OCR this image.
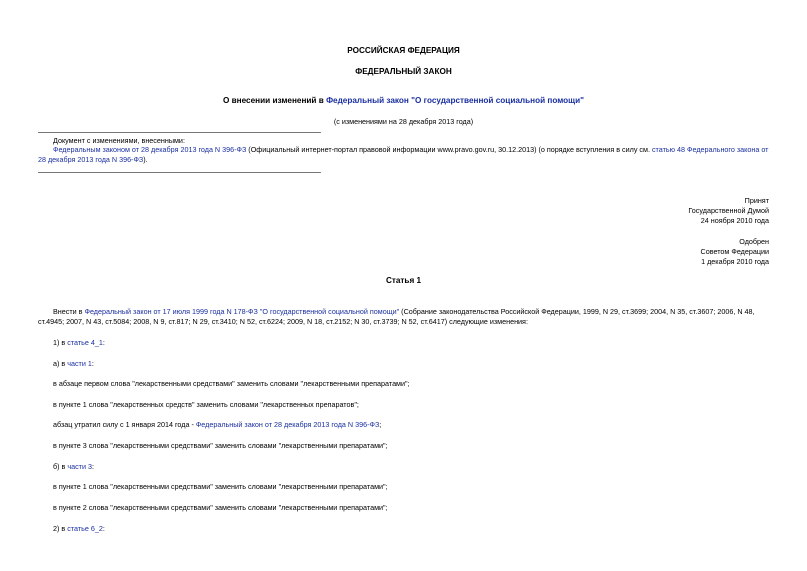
РОССИЙСКАЯ ФЕДЕРАЦИЯ
ФЕДЕРАЛЬНЫЙ ЗАКОН
О внесении изменений в Федеральный закон "О государственной социальной помощи"
(с изменениями на 28 декабря 2013 года)
Документ с изменениями, внесенными:
Федеральным законом от 28 декабря 2013 года N 396-ФЗ (Официальный интернет-портал правовой информации www.pravo.gov.ru, 30.12.2013) (о порядке вступления в силу см. статью 48 Федерального закона от
28 декабря 2013 года N 396-ФЗ).
Принят
Государственной Думой
24 ноября 2010 года
Одобрен
Советом Федерации
1 декабря 2010 года
Статья 1
Внести в Федеральный закон от 17 июля 1999 года N 178-ФЗ "О государственной социальной помощи" (Собрание законодательства Российской Федерации, 1999, N 29, ст.3699; 2004, N 35, ст.3607; 2006, N 48,
ст.4945; 2007, N 43, ст.5084; 2008, N 9, ст.817; N 29, ст.3410; N 52, ст.6224; 2009, N 18, ст.2152; N 30, ст.3739; N 52, ст.6417) следующие изменения:
1) в статье 4_1:
а) в части 1:
в абзаце первом слова "лекарственными средствами" заменить словами "лекарственными препаратами";
в пункте 1 слова "лекарственных средств" заменить словами "лекарственных препаратов";
абзац утратил силу с 1 января 2014 года - Федеральный закон от 28 декабря 2013 года N 396-ФЗ;
в пункте 3 слова "лекарственными средствами" заменить словами "лекарственными препаратами";
б) в части 3:
в пункте 1 слова "лекарственными средствами" заменить словами "лекарственными препаратами";
в пункте 2 слова "лекарственными средствами" заменить словами "лекарственными препаратами";
2) в статье 6_2:
